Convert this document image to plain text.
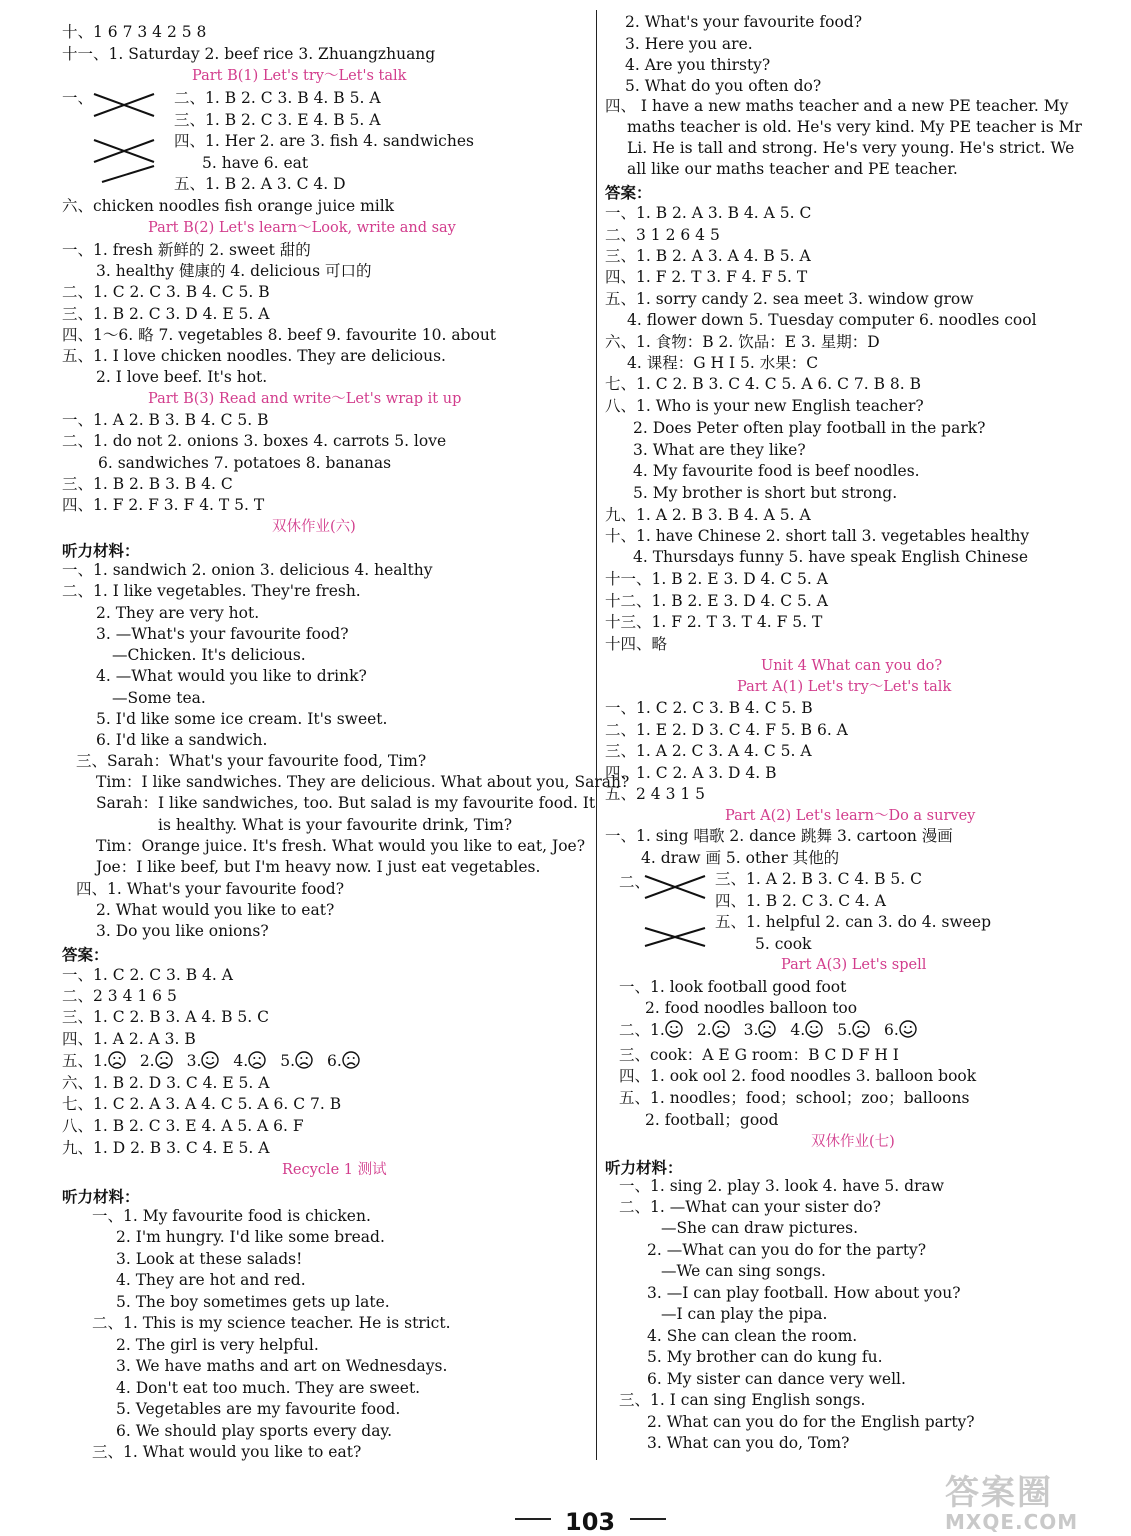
十、1 6 7 3 4 2 5 8
十一、1. Saturday 2. beef rice 3. Zhuangzhuang
Part B(1) Let's try～Let's talk
二、1. B 2. C 3. B 4. B 5. A
三、1. B 2. C 3. E 4. B 5. A
四、1. Her 2. are 3. fish 4. sandwiches
5. have 6. eat
五、1. B 2. A 3. C 4. D
六、chicken noodles fish orange juice milk
Part B(2) Let's learn～Look, write and say
一、1. fresh 新鲜的 2. sweet 甜的
3. healthy 健康的 4. delicious 可口的
二、1. C 2. C 3. B 4. C 5. B
三、1. B 2. C 3. D 4. E 5. A
四、1～6. 略 7. vegetables 8. beef 9. favourite 10. about
五、1. I love chicken noodles. They are delicious.
2. I love beef. It's hot.
Part B(3) Read and write～Let's wrap it up
一、1. A 2. B 3. B 4. C 5. B
二、1. do not 2. onions 3. boxes 4. carrots 5. love
6. sandwiches 7. potatoes 8. bananas
三、1. B 2. B 3. B 4. C
四、1. F 2. F 3. F 4. T 5. T
双休作业(六)
听力材料：
一、1. sandwich 2. onion 3. delicious 4. healthy
二、1. I like vegetables. They're fresh.
2. They are very hot.
3. —What's your favourite food?
—Chicken. It's delicious.
4. —What would you like to drink?
—Some tea.
5. I'd like some ice cream. It's sweet.
6. I'd like a sandwich.
三、Sarah：What's your favourite food, Tim?
Tim：I like sandwiches. They are delicious. What about you, Sarah?
Sarah：I like sandwiches, too. But salad is my favourite food. It
is healthy. What is your favourite drink, Tim?
Tim：Orange juice. It's fresh. What would you like to eat, Joe?
Joe：I like beef, but I'm heavy now. I just eat vegetables.
四、1. What's your favourite food?
2. What would you like to eat?
3. Do you like onions?
答案：
一、1. C 2. C 3. B 4. A
二、2 3 4 1 6 5
三、1. C 2. B 3. A 4. B 5. C
四、1. A 2. A 3. B
六、1. B 2. D 3. C 4. E 5. A
七、1. C 2. A 3. A 4. C 5. A 6. C 7. B
八、1. B 2. C 3. E 4. A 5. A 6. F
九、1. D 2. B 3. C 4. E 5. A
Recycle 1 测试
听力材料：
一、1. My favourite food is chicken.
2. I'm hungry. I'd like some bread.
3. Look at these salads!
4. They are hot and red.
5. The boy sometimes gets up late.
二、1. This is my science teacher. He is strict.
2. The girl is very helpful.
3. We have maths and art on Wednesdays.
4. Don't eat too much. They are sweet.
5. Vegetables are my favourite food.
6. We should play sports every day.
三、1. What would you like to eat?
2. What's your favourite food?
3. Here you are.
4. Are you thirsty?
5. What do you often do?
四、 I have a new maths teacher and a new PE teacher. My
maths teacher is old. He's very kind. My PE teacher is Mr
Li. He is tall and strong. He's very young. He's strict. We
all like our maths teacher and PE teacher.
答案：
一、1. B 2. A 3. B 4. A 5. C
二、3 1 2 6 4 5
三、1. B 2. A 3. A 4. B 5. A
四、1. F 2. T 3. F 4. F 5. T
五、1. sorry candy 2. sea meet 3. window grow
4. flower down 5. Tuesday computer 6. noodles cool
六、1. 食物：B 2. 饮品：E 3. 星期：D
4. 课程：G H I 5. 水果：C
七、1. C 2. B 3. C 4. C 5. A 6. C 7. B 8. B
八、1. Who is your new English teacher?
2. Does Peter often play football in the park?
3. What are they like?
4. My favourite food is beef noodles.
5. My brother is short but strong.
九、1. A 2. B 3. B 4. A 5. A
十、1. have Chinese 2. short tall 3. vegetables healthy
4. Thursdays funny 5. have speak English Chinese
十一、1. B 2. E 3. D 4. C 5. A
十二、1. B 2. E 3. D 4. C 5. A
十三、1. F 2. T 3. T 4. F 5. T
十四、略
Unit 4 What can you do?
Part A(1) Let's try～Let's talk
一、1. C 2. C 3. B 4. C 5. B
二、1. E 2. D 3. C 4. F 5. B 6. A
三、1. A 2. C 3. A 4. C 5. A
四、1. C 2. A 3. D 4. B
五、2 4 3 1 5
Part A(2) Let's learn～Do a survey
一、1. sing 唱歌 2. dance 跳舞 3. cartoon 漫画
4. draw 画 5. other 其他的
三、1. A 2. B 3. C 4. B 5. C
四、1. B 2. C 3. C 4. A
五、1. helpful 2. can 3. do 4. sweep
5. cook
Part A(3) Let's spell
一、1. look football good foot
2. food noodles balloon too
三、cook：A E G room：B C D F H I
四、1. ook ool 2. food noodles 3. balloon book
五、1. noodles；food；school；zoo；balloons
2. football；good
双休作业(七)
听力材料：
一、1. sing 2. play 3. look 4. have 5. draw
二、1. —What can your sister do?
—She can draw pictures.
2. —What can you do for the party?
—We can sing songs.
3. —I can play football. How about you?
—I can play the pipa.
4. She can clean the room.
5. My brother can do kung fu.
6. My sister can dance very well.
三、1. I can sing English songs.
2. What can you do for the English party?
3. What can you do, Tom?
一、
二、
五、1. 2. 3. 4. 5. 6.
二、1. 2. 3. 4. 5. 6.
103
答案圈
MXQE.COM
